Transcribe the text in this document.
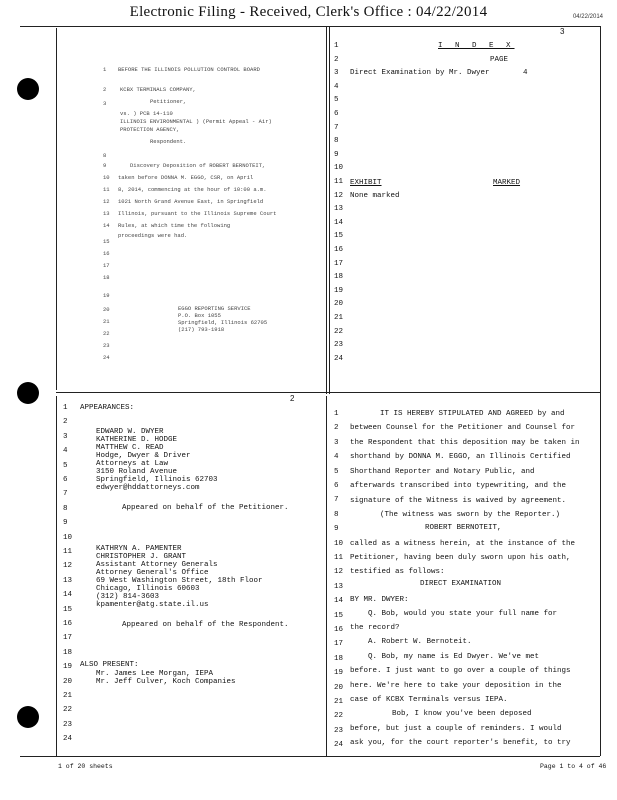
Electronic Filing - Received, Clerk's Office : 04/22/2014	04/22/2014
1
2
3
8
9
10
11
12
13
14
15
16
17
18
19
20
21
22
23
24
BEFORE THE ILLINOIS POLLUTION CONTROL BOARD
KCBX TERMINALS COMPANY,
Petitioner,
vs. ) PCB 14-110
ILLINOIS ENVIRONMENTAL ) (Permit Appeal - Air)
PROTECTION AGENCY,
Respondent.
Discovery Deposition of ROBERT BERNOTEIT,
taken before DONNA M. EGGO, CSR, on April
8, 2014, commencing at the hour of 10:00 a.m.
1021 North Grand Avenue East, in Springfield
Illinois, pursuant to the Illinois Supreme Court
Rules, at which time the following
proceedings were had.
EGGO REPORTING SERVICE
P.O. Box 1055
Springfield, Illinois 62705
(217) 793-1918
3
I N D E X
PAGE
Direct Examination by Mr. Dwyer	4
EXHIBIT	MARKED
None marked
1
2
3
4
5
6
7
8
9
10
11
12
13
14
15
16
17
18
19
20
21
22
23
24
2
1
2
3
4
5
6
7
8
9
10
11
12
13
14
15
16
17
18
19
20
21
22
23
24
APPEARANCES:
EDWARD W. DWYER
KATHERINE D. HODGE
MATTHEW C. READ
Hodge, Dwyer & Driver
Attorneys at Law
3150 Roland Avenue
Springfield, Illinois 62703
edwyer@hddattorneys.com
Appeared on behalf of the Petitioner.
KATHRYN A. PAMENTER
CHRISTOPHER J. GRANT
Assistant Attorney Generals
Attorney General's Office
69 West Washington Street, 18th Floor
Chicago, Illinois 60603
(312) 814-3603
kpamenter@atg.state.il.us
Appeared on behalf of the Respondent.
ALSO PRESENT:
Mr. James Lee Morgan, IEPA
Mr. Jeff Culver, Koch Companies
1
2
3
4
5
6
7
8
9
10
11
12
13
14
15
16
17
18
19
20
21
22
23
24
IT IS HEREBY STIPULATED AND AGREED by and
between Counsel for the Petitioner and Counsel for
the Respondent that this deposition may be taken in
shorthand by DONNA M. EGGO, an Illinois Certified
Shorthand Reporter and Notary Public, and
afterwards transcribed into typewriting, and the
signature of the Witness is waived by agreement.
(The witness was sworn by the Reporter.)
ROBERT BERNOTEIT,
called as a witness herein, at the instance of the
Petitioner, having been duly sworn upon his oath,
testified as follows:
DIRECT EXAMINATION
BY MR. DWYER:
Q. Bob, would you state your full name for
the record?
A. Robert W. Bernoteit.
Q. Bob, my name is Ed Dwyer. We've met
before. I just want to go over a couple of things
here. We're here to take your deposition in the
case of KCBX Terminals versus IEPA.
Bob, I know you've been deposed
before, but just a couple of reminders. I would
ask you, for the court reporter's benefit, to try
1 of 20 sheets	Page 1 to 4 of 46
